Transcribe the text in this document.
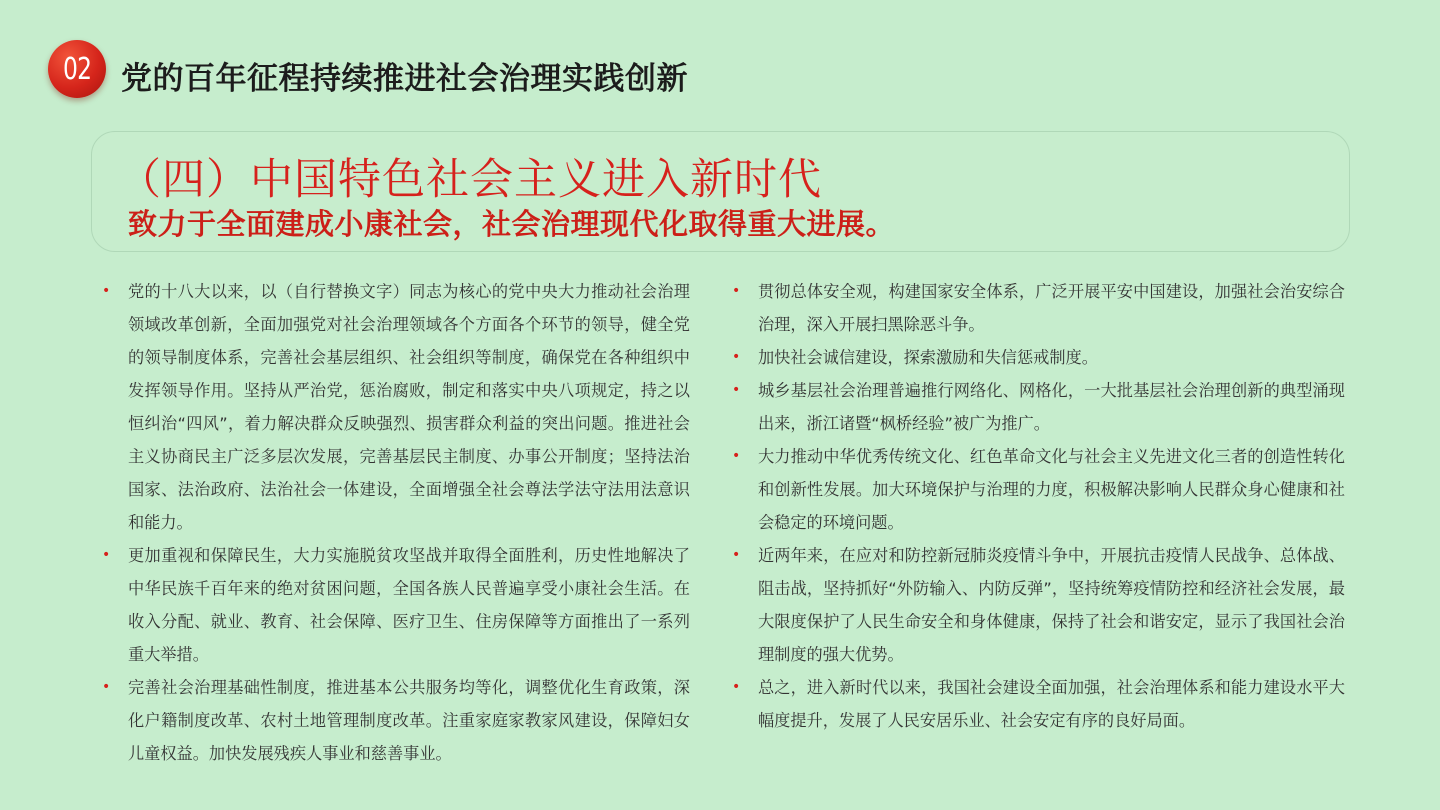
02 党的百年征程持续推进社会治理实践创新
（四）中国特色社会主义进入新时代
致力于全面建成小康社会，社会治理现代化取得重大进展。
• 党的十八大以来，以（自行替换文字）同志为核心的党中央大力推动社会治理领域改革创新，全面加强党对社会治理领域各个方面各个环节的领导，健全党的领导制度体系，完善社会基层组织、社会组织等制度，确保党在各种组织中发挥领导作用。坚持从严治党，惩治腐败，制定和落实中央八项规定，持之以恒纠治“四风”，着力解决群众反映强烈、损害群众利益的突出问题。推进社会主义协商民主广泛多层次发展，完善基层民主制度、办事公开制度；坚持法治国家、法治政府、法治社会一体建设，全面增强全社会尊法学法守法用法意识和能力。
• 更加重视和保障民生，大力实施脱贫攻坚战并取得全面胜利，历史性地解决了中华民族千百年来的绝对贫困问题，全国各族人民普遍享受小康社会生活。在收入分配、就业、教育、社会保障、医疗卫生、住房保障等方面推出了一系列重大举措。
• 完善社会治理基础性制度，推进基本公共服务均等化，调整优化生育政策，深化户籍制度改革、农村土地管理制度改革。注重家庭家教家风建设，保障妇女儿童权益。加快发展残疾人事业和慈善事业。
• 贯彻总体安全观，构建国家安全体系，广泛开展平安中国建设，加强社会治安综合治理，深入开展扫黑除恶斗争。
• 加快社会诚信建设，探索激励和失信惩戒制度。
• 城乡基层社会治理普遍推行网络化、网格化，一大批基层社会治理创新的典型涌现出来，浙江诸暨“枫桥经验”被广为推广。
• 大力推动中华优秀传统文化、红色革命文化与社会主义先进文化三者的创造性转化和创新性发展。加大环境保护与治理的力度，积极解决影响人民群众身心健康和社会稳定的环境问题。
• 近两年来，在应对和防控新冠肺炎疫情斗争中，开展抗击疫情人民战争、总体战、阻击战，坚持抓好“外防输入、内防反弹”，坚持统筹疫情防控和经济社会发展，最大限度保护了人民生命安全和身体健康，保持了社会和谐安定，显示了我国社会治理制度的强大优势。
• 总之，进入新时代以来，我国社会建设全面加强，社会治理体系和能力建设水平大幅度提升，发展了人民安居乐业、社会安定有序的良好局面。
